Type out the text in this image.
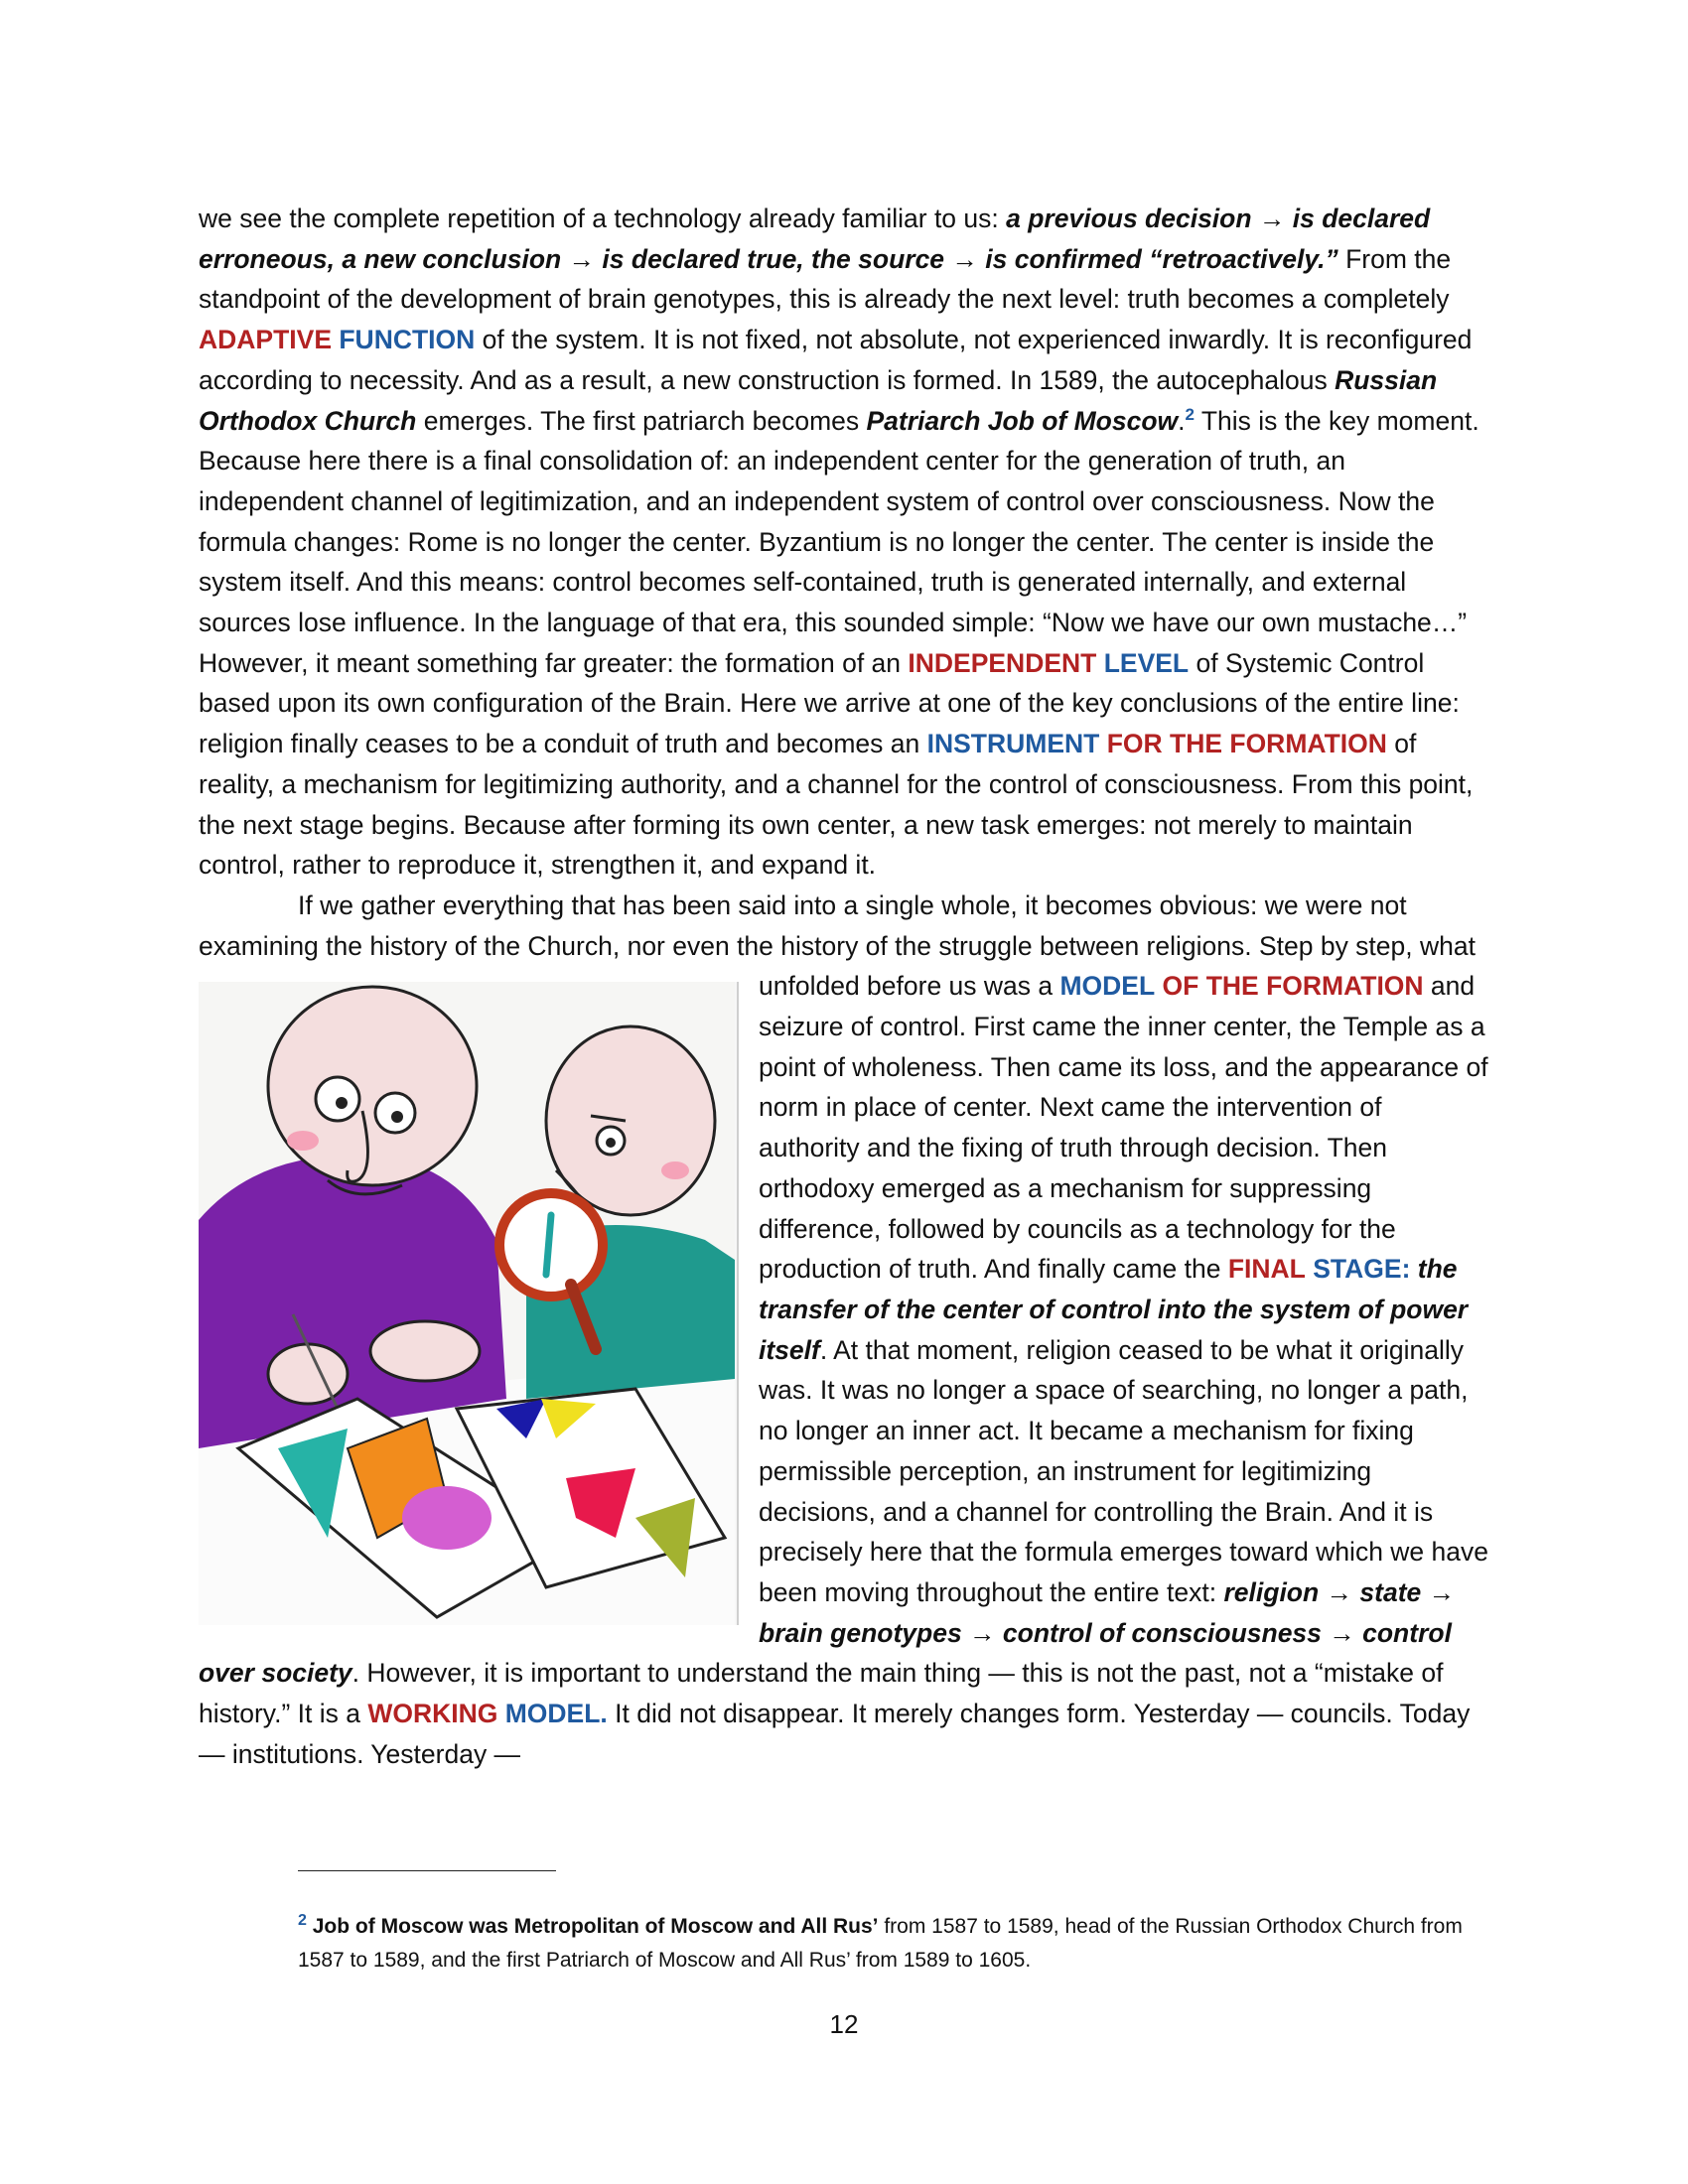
we see the complete repetition of a technology already familiar to us: a previous decision → is declared erroneous, a new conclusion → is declared true, the source → is confirmed “retroactively.” From the standpoint of the development of brain genotypes, this is already the next level: truth becomes a completely ADAPTIVE FUNCTION of the system. It is not fixed, not absolute, not experienced inwardly. It is reconfigured according to necessity. And as a result, a new construction is formed. In 1589, the autocephalous Russian Orthodox Church emerges. The first patriarch becomes Patriarch Job of Moscow.$^2$ This is the key moment. Because here there is a final consolidation of: an independent center for the generation of truth, an independent channel of legitimization, and an independent system of control over consciousness. Now the formula changes: Rome is no longer the center. Byzantium is no longer the center. The center is inside the system itself. And this means: control becomes self-contained, truth is generated internally, and external sources lose influence. In the language of that era, this sounded simple: “Now we have our own mustache…” However, it meant something far greater: the formation of an INDEPENDENT LEVEL of Systemic Control based upon its own configuration of the Brain. Here we arrive at one of the key conclusions of the entire line: religion finally ceases to be a conduit of truth and becomes an INSTRUMENT FOR THE FORMATION of reality, a mechanism for legitimizing authority, and a channel for the control of consciousness. From this point, the next stage begins. Because after forming its own center, a new task emerges: not merely to maintain control, rather to reproduce it, strengthen it, and expand it.

If we gather everything that has been said into a single whole, it becomes obvious: we were not examining the history of the Church, nor even the history of the struggle between religions. Step by step, what unfolded before us was a
MODEL OF THE FORMATION and seizure of control. First came the inner center, the Temple as a point of wholeness. Then came its loss, and the appearance of norm in place of center. Next came the intervention of authority and the fixing of truth through decision. Then orthodoxy emerged as a mechanism for suppressing difference, followed by councils as a technology for the production of truth. And finally came the FINAL STAGE: the transfer of the center of control into the system of power itself. At that moment, religion ceased to be what it originally was. It was no longer a space of searching, no longer a path, no longer an inner act. It became a mechanism for fixing permissible perception, an instrument for legitimizing decisions, and a channel for controlling the Brain. And it is precisely here that the formula emerges toward which we have been moving throughout the entire text: religion → state → brain genotypes → control of consciousness → control over society. However, it is important to understand the main thing — this is not the past, not a “mistake of history.” It is a WORKING MODEL. It did not disappear. It merely changes form. Yesterday — councils. Today — institutions. Yesterday —

$^2$ Job of Moscow was Metropolitan of Moscow and All Rus’ from 1587 to 1589, head of the Russian Orthodox Church from 1587 to 1589, and the first Patriarch of Moscow and All Rus’ from 1589 to 1605.
12
